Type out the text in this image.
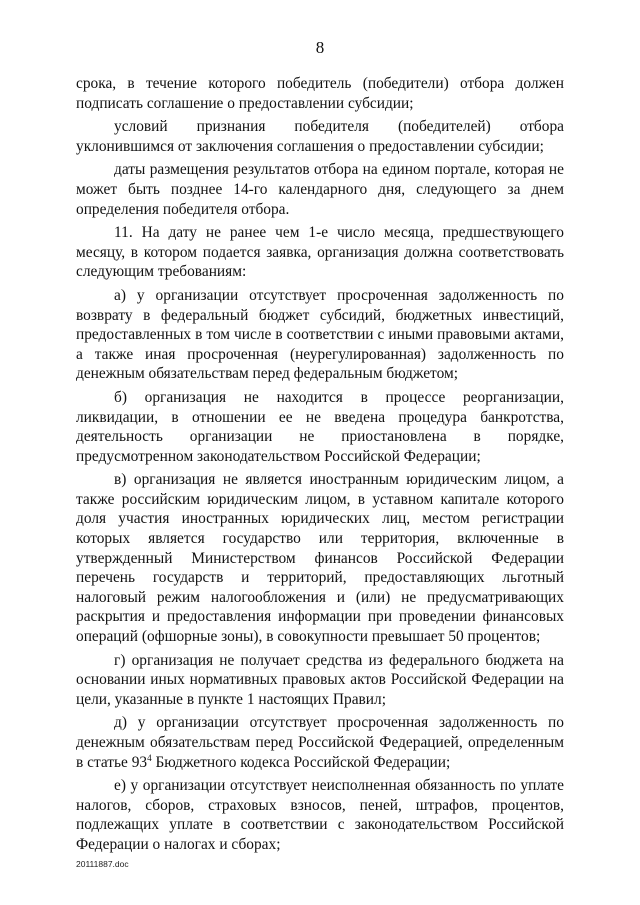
8

срока, в течение которого победитель (победители) отбора должен подписать соглашение о предоставлении субсидии;

условий признания победителя (победителей) отбора уклонившимся от заключения соглашения о предоставлении субсидии;

даты размещения результатов отбора на едином портале, которая не может быть позднее 14-го календарного дня, следующего за днем определения победителя отбора.

11. На дату не ранее чем 1-е число месяца, предшествующего месяцу, в котором подается заявка, организация должна соответствовать следующим требованиям:

а) у организации отсутствует просроченная задолженность по возврату в федеральный бюджет субсидий, бюджетных инвестиций, предоставленных в том числе в соответствии с иными правовыми актами, а также иная просроченная (неурегулированная) задолженность по денежным обязательствам перед федеральным бюджетом;

б) организация не находится в процессе реорганизации, ликвидации, в отношении ее не введена процедура банкротства, деятельность организации не приостановлена в порядке, предусмотренном законодательством Российской Федерации;

в) организация не является иностранным юридическим лицом, а также российским юридическим лицом, в уставном капитале которого доля участия иностранных юридических лиц, местом регистрации которых является государство или территория, включенные в утвержденный Министерством финансов Российской Федерации перечень государств и территорий, предоставляющих льготный налоговый режим налогообложения и (или) не предусматривающих раскрытия и предоставления информации при проведении финансовых операций (офшорные зоны), в совокупности превышает 50 процентов;

г) организация не получает средства из федерального бюджета на основании иных нормативных правовых актов Российской Федерации на цели, указанные в пункте 1 настоящих Правил;

д) у организации отсутствует просроченная задолженность по денежным обязательствам перед Российской Федерацией, определенным в статье $93^4$ Бюджетного кодекса Российской Федерации;

е) у организации отсутствует неисполненная обязанность по уплате налогов, сборов, страховых взносов, пеней, штрафов, процентов, подлежащих уплате в соответствии с законодательством Российской Федерации о налогах и сборах;

20111887.doc
